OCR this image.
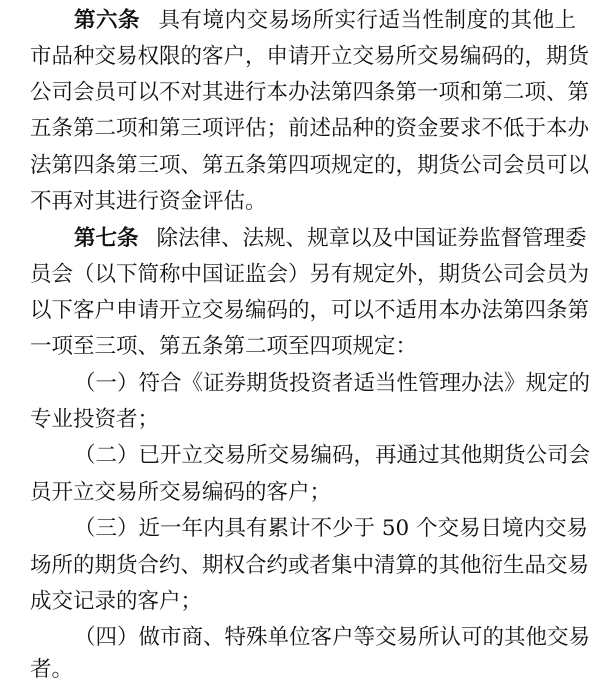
第六条 具有境内交易场所实行适当性制度的其他上
市品种交易权限的客户，申请开立交易所交易编码的，期货
公司会员可以不对其进行本办法第四条第一项和第二项、第
五条第二项和第三项评估；前述品种的资金要求不低于本办
法第四条第三项、第五条第四项规定的，期货公司会员可以
不再对其进行资金评估。
第七条 除法律、法规、规章以及中国证券监督管理委
员会（以下简称中国证监会）另有规定外，期货公司会员为
以下客户申请开立交易编码的，可以不适用本办法第四条第
一项至三项、第五条第二项至四项规定：
（一）符合《证券期货投资者适当性管理办法》规定的
专业投资者；
（二）已开立交易所交易编码，再通过其他期货公司会
员开立交易所交易编码的客户；
（三）近一年内具有累计不少于 50 个交易日境内交易
场所的期货合约、期权合约或者集中清算的其他衍生品交易
成交记录的客户；
（四）做市商、特殊单位客户等交易所认可的其他交易
者。
